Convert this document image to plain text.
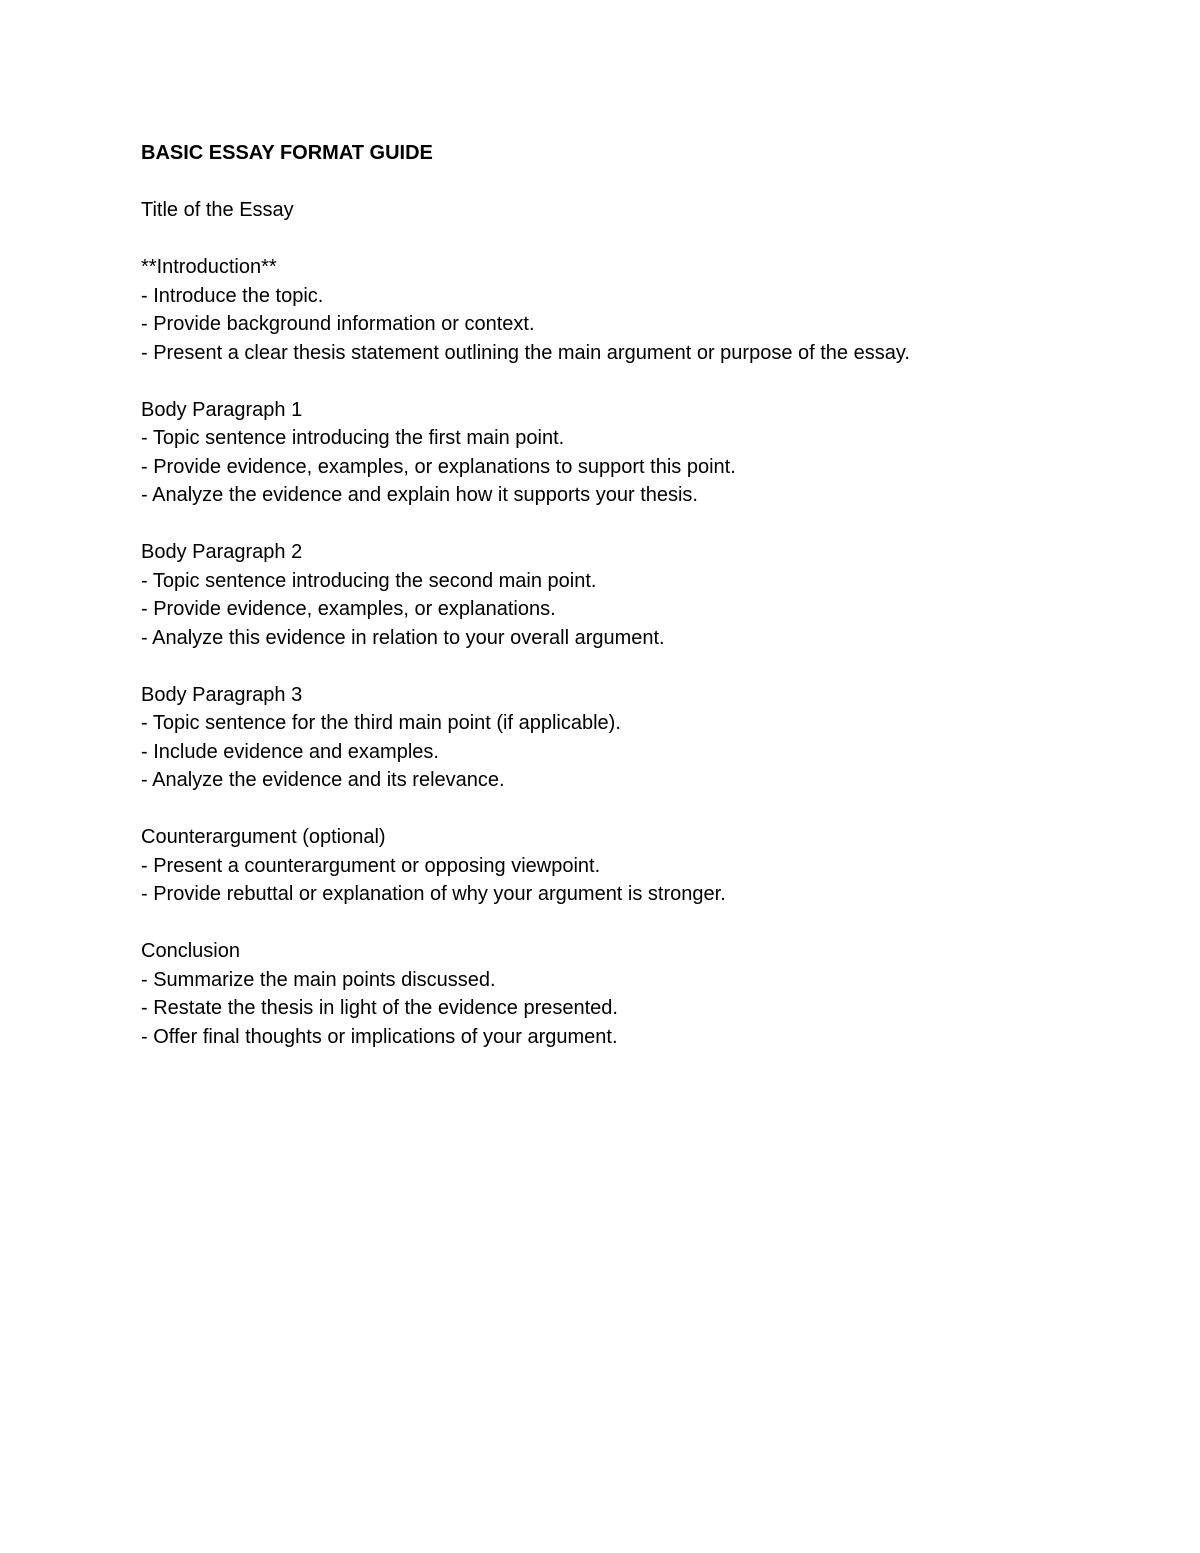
BASIC ESSAY FORMAT GUIDE

Title of the Essay

**Introduction**

- Introduce the topic.

- Provide background information or context.

- Present a clear thesis statement outlining the main argument or purpose of the essay.

Body Paragraph 1

- Topic sentence introducing the first main point.

- Provide evidence, examples, or explanations to support this point.

- Analyze the evidence and explain how it supports your thesis.

Body Paragraph 2

- Topic sentence introducing the second main point.

- Provide evidence, examples, or explanations.

- Analyze this evidence in relation to your overall argument.

Body Paragraph 3

- Topic sentence for the third main point (if applicable).

- Include evidence and examples.

- Analyze the evidence and its relevance.

Counterargument (optional)

- Present a counterargument or opposing viewpoint.

- Provide rebuttal or explanation of why your argument is stronger.

Conclusion

- Summarize the main points discussed.

- Restate the thesis in light of the evidence presented.

- Offer final thoughts or implications of your argument.
